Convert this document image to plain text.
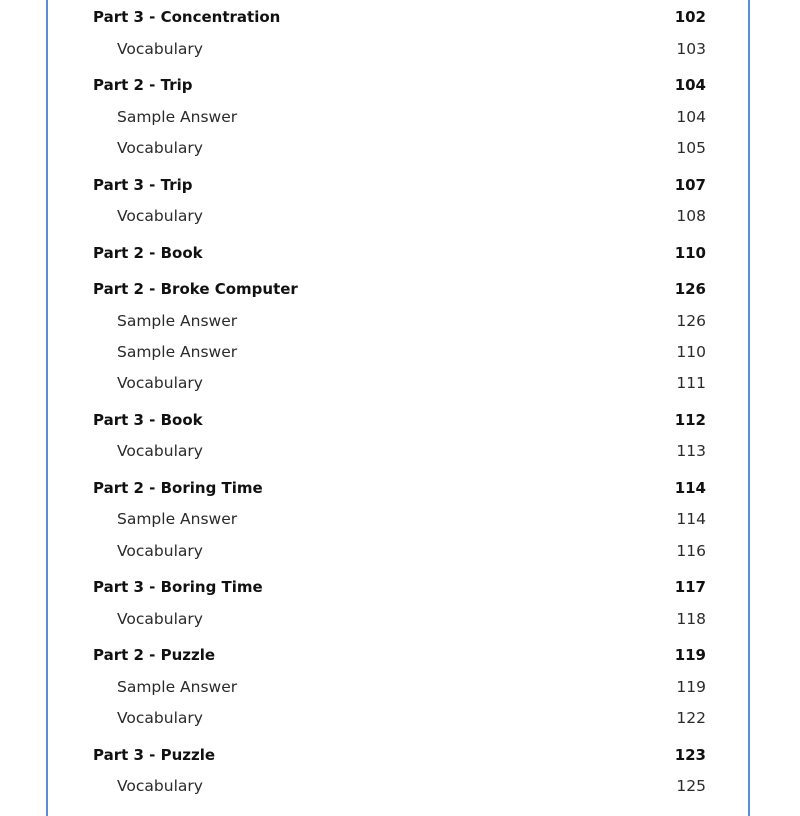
Part 3 - Concentration	102
Vocabulary	103
Part 2 - Trip	104
Sample Answer	104
Vocabulary	105
Part 3 - Trip	107
Vocabulary	108
Part 2 - Book	110
Part 2 - Broke Computer	126
Sample Answer	126
Sample Answer	110
Vocabulary	111
Part 3 - Book	112
Vocabulary	113
Part 2 - Boring Time	114
Sample Answer	114
Vocabulary	116
Part 3 - Boring Time	117
Vocabulary	118
Part 2 - Puzzle	119
Sample Answer	119
Vocabulary	122
Part 3 - Puzzle	123
Vocabulary	125
